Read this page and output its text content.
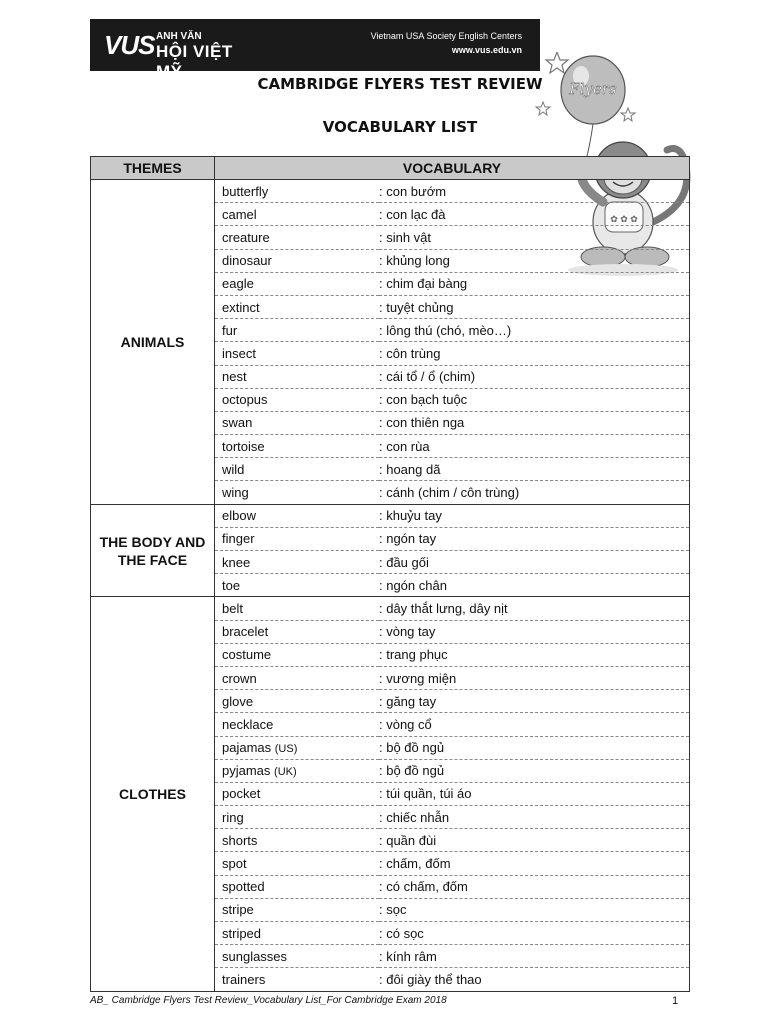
VUS ANH VĂN
HỘI VIỆT MỸ
Vietnam USA Society English Centers
www.vus.edu.vn
CAMBRIDGE FLYERS TEST REVIEW
VOCABULARY LIST
Flyers
✿ ✿ ✿
THEMES	VOCABULARY	
ANIMALS	butterfly	: con bướm
	camel	: con lạc đà
	creature	: sinh vật
	dinosaur	: khủng long
	eagle	: chim đại bàng
	extinct	: tuyệt chủng
	fur	: lông thú (chó, mèo…)
	insect	: côn trùng
	nest	: cái tổ / ổ (chim)
	octopus	: con bạch tuộc
	swan	: con thiên nga
	tortoise	: con rùa
	wild	: hoang dã
	wing	: cánh (chim / côn trùng)
THE BODY AND THE FACE	elbow	: khuỷu tay
	finger	: ngón tay
	knee	: đầu gối
	toe	: ngón chân
CLOTHES	belt	: dây thắt lưng, dây nịt
	bracelet	: vòng tay
	costume	: trang phục
	crown	: vương miện
	glove	: găng tay
	necklace	: vòng cổ
	pajamas (US)	: bộ đồ ngủ
	pyjamas (UK)	: bộ đồ ngủ
	pocket	: túi quần, túi áo
	ring	: chiếc nhẫn
	shorts	: quần đùi
	spot	: chấm, đốm
	spotted	: có chấm, đốm
	stripe	: sọc
	striped	: có sọc
	sunglasses	: kính râm
	trainers	: đôi giày thể thao
AB_ Cambridge Flyers Test Review_Vocabulary List_For Cambridge Exam 2018	1
